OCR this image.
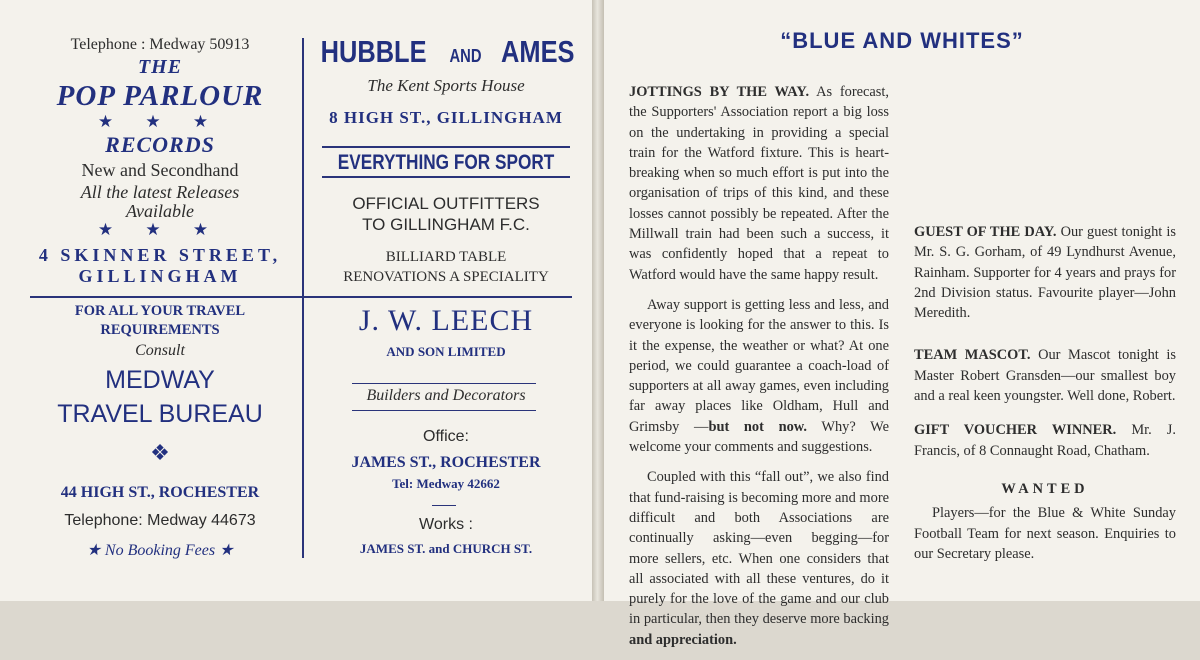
Telephone : Medway 50913
THE
POP PARLOUR
★ ★ ★
RECORDS
New and Secondhand
All the latest Releases
Available
★ ★ ★
4 SKINNER STREET,
GILLINGHAM
HUBBLE AND AMES
The Kent Sports House
8 HIGH ST., GILLINGHAM
EVERYTHING FOR SPORT
OFFICIAL OUTFITTERS
TO GILLINGHAM F.C.
BILLIARD TABLE
RENOVATIONS A SPECIALITY
FOR ALL YOUR TRAVEL
REQUIREMENTS
Consult
MEDWAY
TRAVEL BUREAU
❖
44 HIGH ST., ROCHESTER
Telephone: Medway 44673
★ No Booking Fees ★
J. W. LEECH
AND SON LIMITED
Builders and Decorators
Office:
JAMES ST., ROCHESTER
Tel: Medway 42662
Works :
JAMES ST. and CHURCH ST.
“BLUE AND WHITES”

JOTTINGS BY THE WAY. As forecast, the Supporters' Association report a big loss on the undertaking in providing a special train for the Watford fixture. This is heart-breaking when so much effort is put into the organisation of trips of this kind, and these losses cannot possibly be repeated. After the Millwall train had been such a success, it was confidently hoped that a repeat to Watford would have the same happy result.

Away support is getting less and less, and everyone is looking for the answer to this. Is it the expense, the weather or what? At one period, we could guarantee a coach-load of supporters at all away games, even including far away places like Oldham, Hull and Grimsby —but not now. Why? We welcome your comments and suggestions.

Coupled with this “fall out”, we also find that fund-raising is becoming more and more difficult and both Associations are continually asking—even begging—for more sellers, etc. When one considers that all associated with all these ventures, do it purely for the love of the game and our club in particular, then they deserve more backing and appreciation.

GUEST OF THE DAY. Our guest tonight is Mr. S. G. Gorham, of 49 Lyndhurst Avenue, Rainham. Supporter for 4 years and prays for 2nd Division status. Favourite player—John Meredith.

TEAM MASCOT. Our Mascot tonight is Master Robert Gransden—our smallest boy and a real keen youngster. Well done, Robert.

GIFT VOUCHER WINNER. Mr. J. Francis, of 8 Connaught Road, Chatham.

WANTED

Players—for the Blue & White Sunday Football Team for next season. Enquiries to our Secretary please.
